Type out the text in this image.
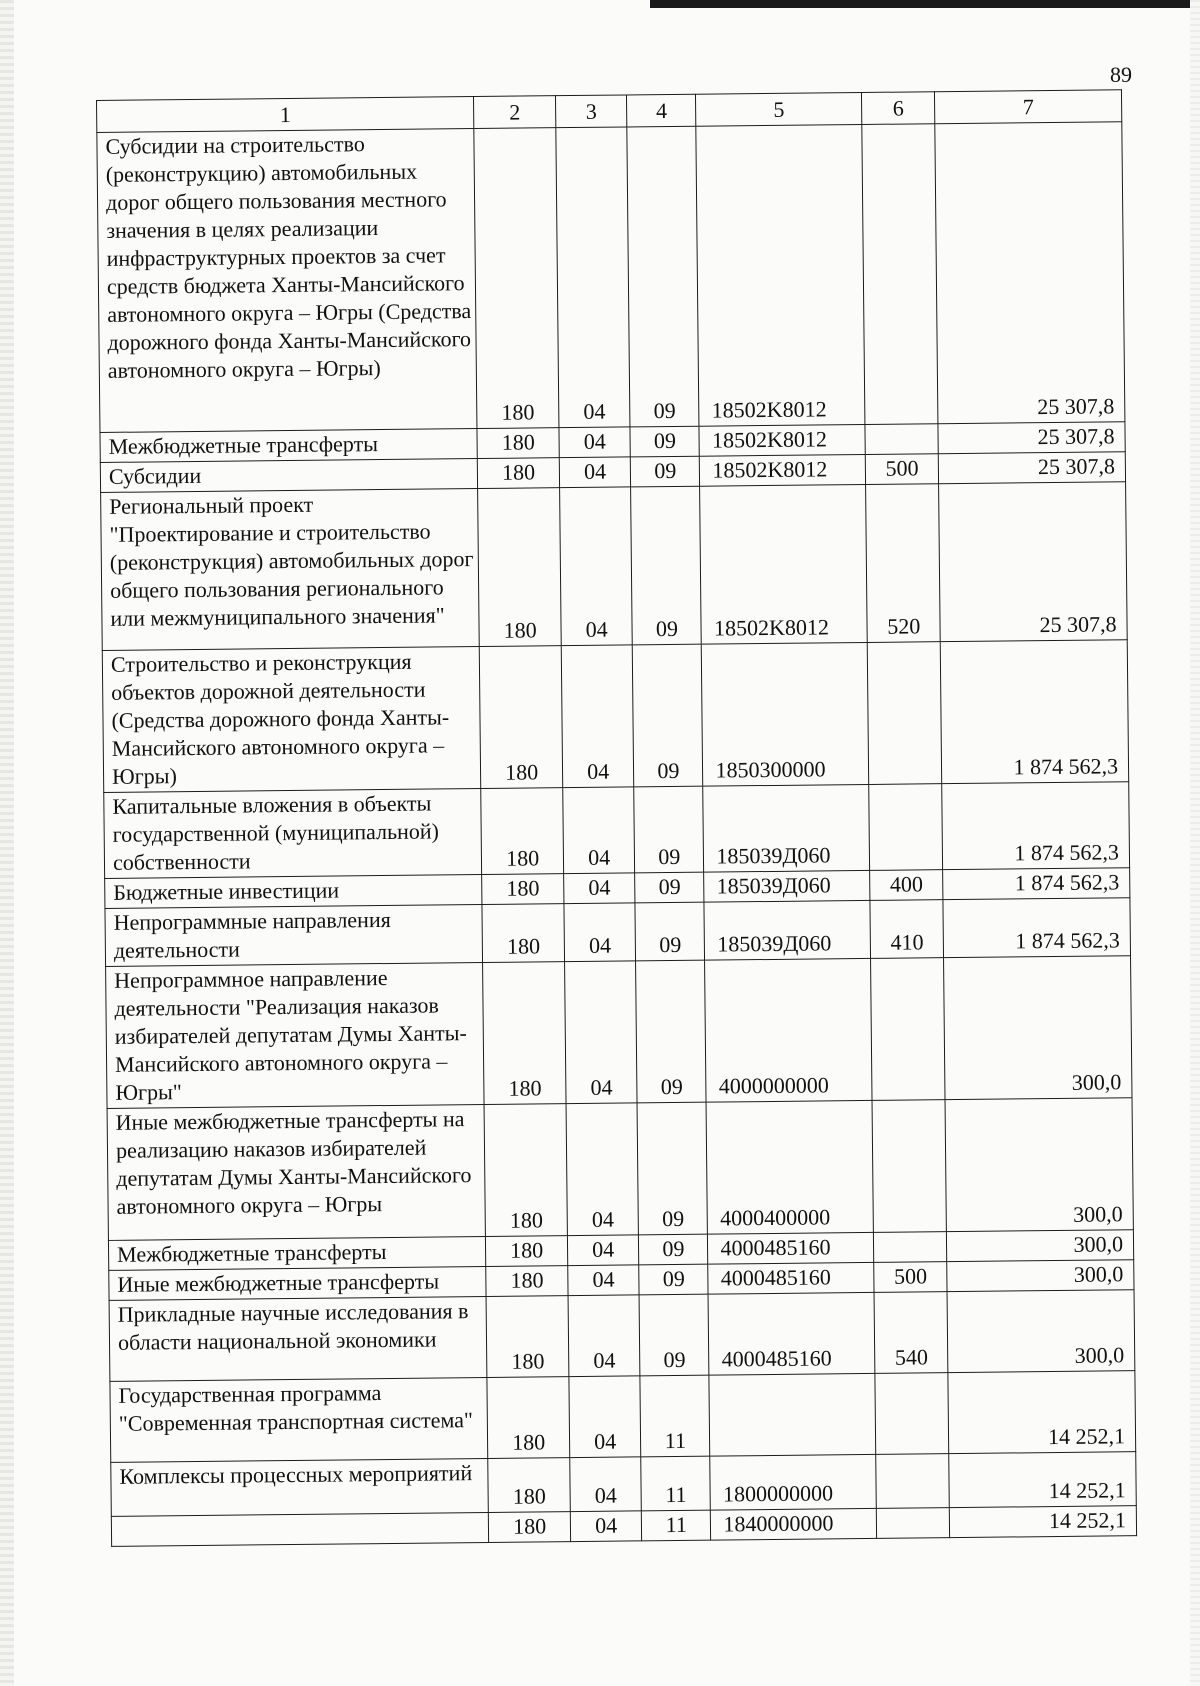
89
1	2	3	4	5	6	7
Субсидии на строительство (реконструкцию) автомобильных дорог общего пользования местного значения в целях реализации инфраструктурных проектов за счет средств бюджета Ханты-Мансийского автономного округа – Югры (Средства дорожного фонда Ханты-Мансийского автономного округа – Югры)	180	04	09	18502K8012		25 307,8
Межбюджетные трансферты	180	04	09	18502K8012		25 307,8
Субсидии	180	04	09	18502K8012	500	25 307,8
Региональный проект "Проектирование и строительство (реконструкция) автомобильных дорог общего пользования регионального или межмуниципального значения"	180	04	09	18502K8012	520	25 307,8
Строительство и реконструкция объектов дорожной деятельности (Средства дорожного фонда Ханты-Мансийского автономного округа – Югры)	180	04	09	1850300000		1 874 562,3
Капитальные вложения в объекты государственной (муниципальной) собственности	180	04	09	185039Д060		1 874 562,3
Бюджетные инвестиции	180	04	09	185039Д060	400	1 874 562,3
Непрограммные направления деятельности	180	04	09	185039Д060	410	1 874 562,3
Непрограммное направление деятельности "Реализация наказов избирателей депутатам Думы Ханты-Мансийского автономного округа – Югры"	180	04	09	4000000000		300,0
Иные межбюджетные трансферты на реализацию наказов избирателей депутатам Думы Ханты-Мансийского автономного округа – Югры	180	04	09	4000400000		300,0
Межбюджетные трансферты	180	04	09	4000485160		300,0
Иные межбюджетные трансферты	180	04	09	4000485160	500	300,0
Прикладные научные исследования в области национальной экономики	180	04	09	4000485160	540	300,0
Государственная программа "Современная транспортная система"	180	04	11			14 252,1
Комплексы процессных мероприятий	180	04	11	1800000000		14 252,1
	180	04	11	1840000000		14 252,1
